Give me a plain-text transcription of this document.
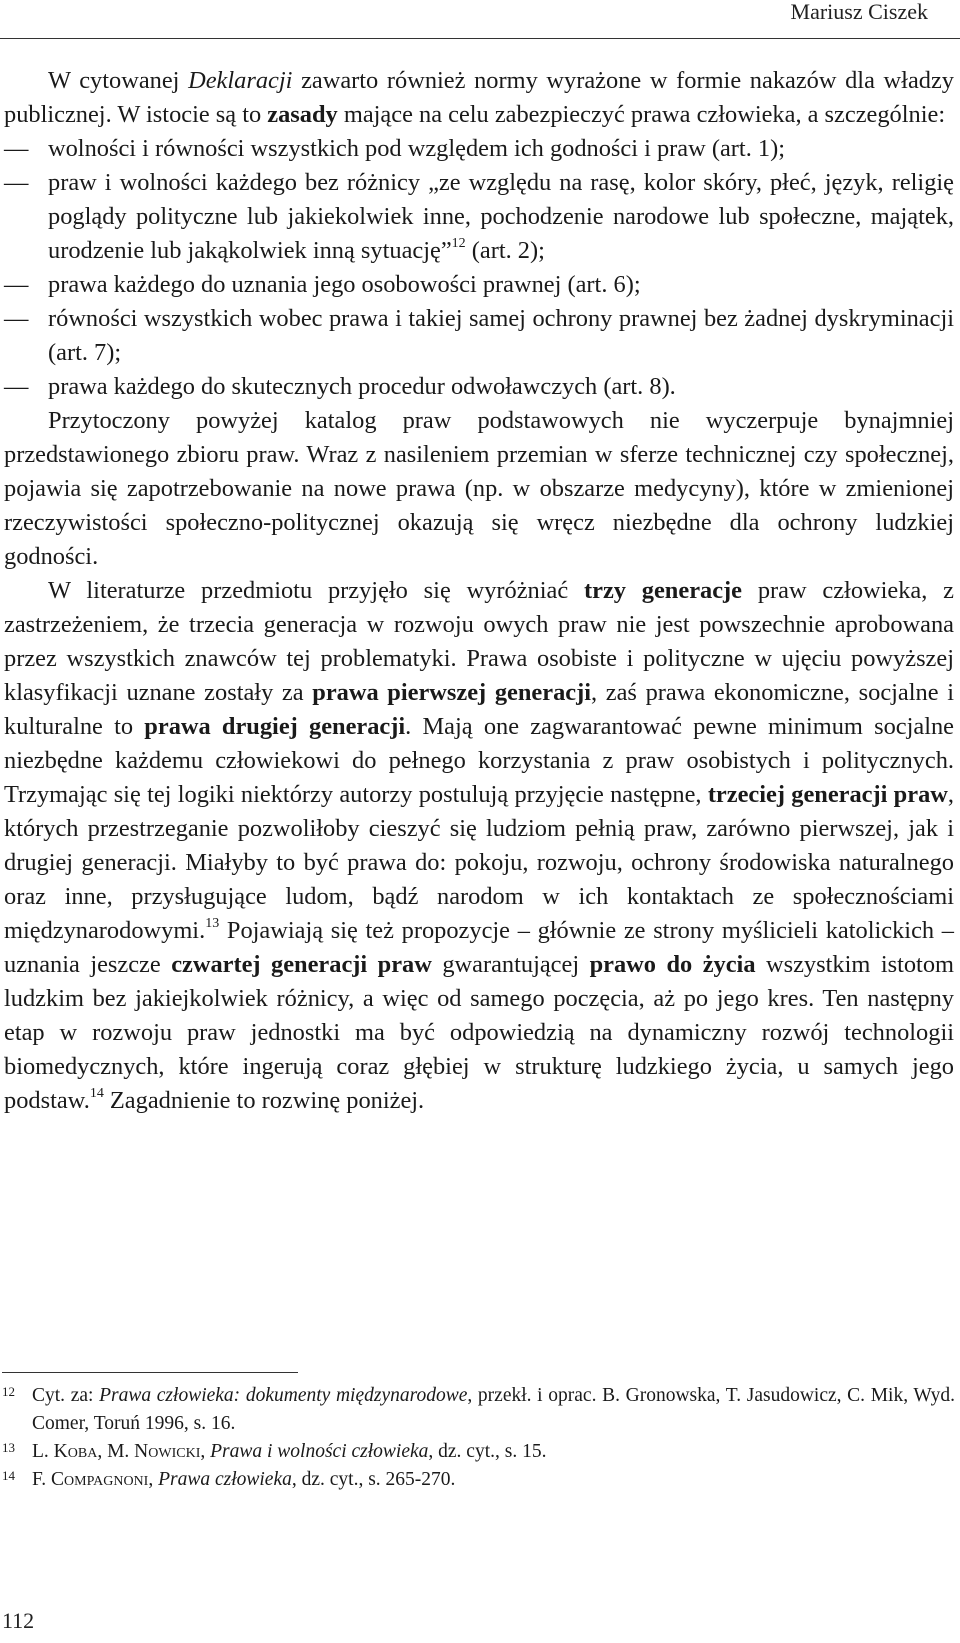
Mariusz Ciszek

W cytowanej Deklaracji zawarto również normy wyrażone w formie nakazów dla władzy publicznej. W istocie są to zasady mające na celu zabezpieczyć prawa człowieka, a szczególnie:

— wolności i równości wszystkich pod względem ich godności i praw (art. 1);
— praw i wolności każdego bez różnicy „ze względu na rasę, kolor skóry, płeć, język, religię poglądy polityczne lub jakiekolwiek inne, pochodzenie narodowe lub społeczne, majątek, urodzenie lub jakąkolwiek inną sytuację”$^{12}$ (art. 2);
— prawa każdego do uznania jego osobowości prawnej (art. 6);
— równości wszystkich wobec prawa i takiej samej ochrony prawnej bez żadnej dyskryminacji (art. 7);
— prawa każdego do skutecznych procedur odwoławczych (art. 8).

Przytoczony powyżej katalog praw podstawowych nie wyczerpuje bynajmniej przedstawionego zbioru praw. Wraz z nasileniem przemian w sferze technicznej czy społecznej, pojawia się zapotrzebowanie na nowe prawa (np. w obszarze medycyny), które w zmienionej rzeczywistości społeczno-politycznej okazują się wręcz niezbędne dla ochrony ludzkiej godności.

W literaturze przedmiotu przyjęło się wyróżniać trzy generacje praw człowieka, z zastrzeżeniem, że trzecia generacja w rozwoju owych praw nie jest powszechnie aprobowana przez wszystkich znawców tej problematyki. Prawa osobiste i polityczne w ujęciu powyższej klasyfikacji uznane zostały za prawa pierwszej generacji, zaś prawa ekonomiczne, socjalne i kulturalne to prawa drugiej generacji. Mają one zagwarantować pewne minimum socjalne niezbędne każdemu człowiekowi do pełnego korzystania z praw osobistych i politycznych. Trzymając się tej logiki niektórzy autorzy postulują przyjęcie następne, trzeciej generacji praw, których przestrzeganie pozwoliłoby cieszyć się ludziom pełnią praw, zarówno pierwszej, jak i drugiej generacji. Miałyby to być prawa do: pokoju, rozwoju, ochrony środowiska naturalnego oraz inne, przysługujące ludom, bądź narodom w ich kontaktach ze społecznościami międzynarodowymi.$^{13}$ Pojawiają się też propozycje – głównie ze strony myślicieli katolickich – uznania jeszcze czwartej generacji praw gwarantującej prawo do życia wszystkim istotom ludzkim bez jakiejkolwiek różnicy, a więc od samego poczęcia, aż po jego kres. Ten następny etap w rozwoju praw jednostki ma być odpowiedzią na dynamiczny rozwój technologii biomedycznych, które ingerują coraz głębiej w strukturę ludzkiego życia, u samych jego podstaw.$^{14}$ Zagadnienie to rozwinę poniżej.

12 Cyt. za: Prawa człowieka: dokumenty międzynarodowe, przekł. i oprac. B. Gronowska, T. Jasudowicz, C. Mik, Wyd. Comer, Toruń 1996, s. 16.
13 L. Koba, M. Nowicki, Prawa i wolności człowieka, dz. cyt., s. 15.
14 F. Compagnoni, Prawa człowieka, dz. cyt., s. 265-270.
112
